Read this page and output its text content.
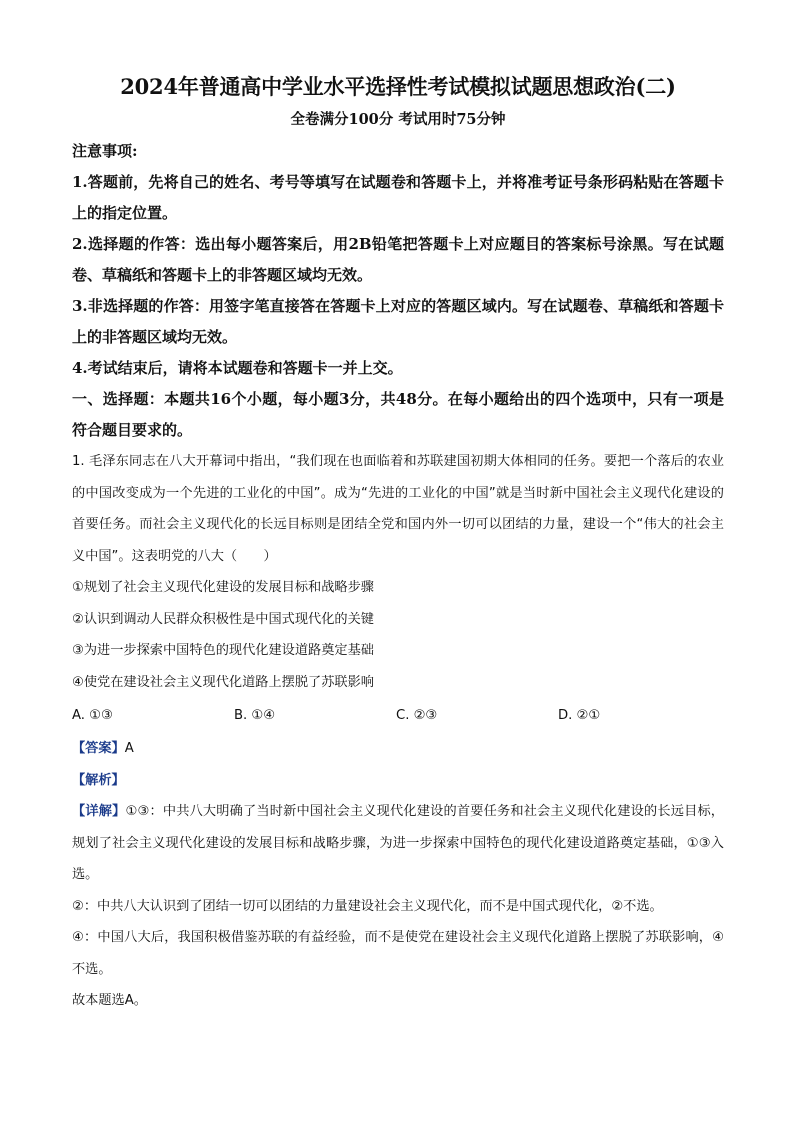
2024年普通高中学业水平选择性考试模拟试题思想政治(二)
全卷满分100分 考试用时75分钟

注意事项:

1.答题前，先将自己的姓名、考号等填写在试题卷和答题卡上，并将准考证号条形码粘贴在答题卡上的指定位置。

2.选择题的作答：选出每小题答案后，用2B铅笔把答题卡上对应题目的答案标号涂黑。写在试题卷、草稿纸和答题卡上的非答题区域均无效。

3.非选择题的作答：用签字笔直接答在答题卡上对应的答题区域内。写在试题卷、草稿纸和答题卡上的非答题区域均无效。

4.考试结束后，请将本试题卷和答题卡一并上交。

一、选择题：本题共16个小题，每小题3分，共48分。在每小题给出的四个选项中，只有一项是符合题目要求的。

1. 毛泽东同志在八大开幕词中指出，“我们现在也面临着和苏联建国初期大体相同的任务。要把一个落后的农业的中国改变成为一个先进的工业化的中国”。成为“先进的工业化的中国”就是当时新中国社会主义现代化建设的首要任务。而社会主义现代化的长远目标则是团结全党和国内外一切可以团结的力量，建设一个“伟大的社会主义中国”。这表明党的八大（　　）

①规划了社会主义现代化建设的发展目标和战略步骤

②认识到调动人民群众积极性是中国式现代化的关键

③为进一步探索中国特色的现代化建设道路奠定基础

④使党在建设社会主义现代化道路上摆脱了苏联影响

A. ①③	B. ①④	C. ②③	D. ②①

【答案】A

【解析】

【详解】①③：中共八大明确了当时新中国社会主义现代化建设的首要任务和社会主义现代化建设的长远目标，规划了社会主义现代化建设的发展目标和战略步骤，为进一步探索中国特色的现代化建设道路奠定基础，①③入选。

②：中共八大认识到了团结一切可以团结的力量建设社会主义现代化，而不是中国式现代化，②不选。

④：中国八大后，我国积极借鉴苏联的有益经验，而不是使党在建设社会主义现代化道路上摆脱了苏联影响，④不选。

故本题选A。
